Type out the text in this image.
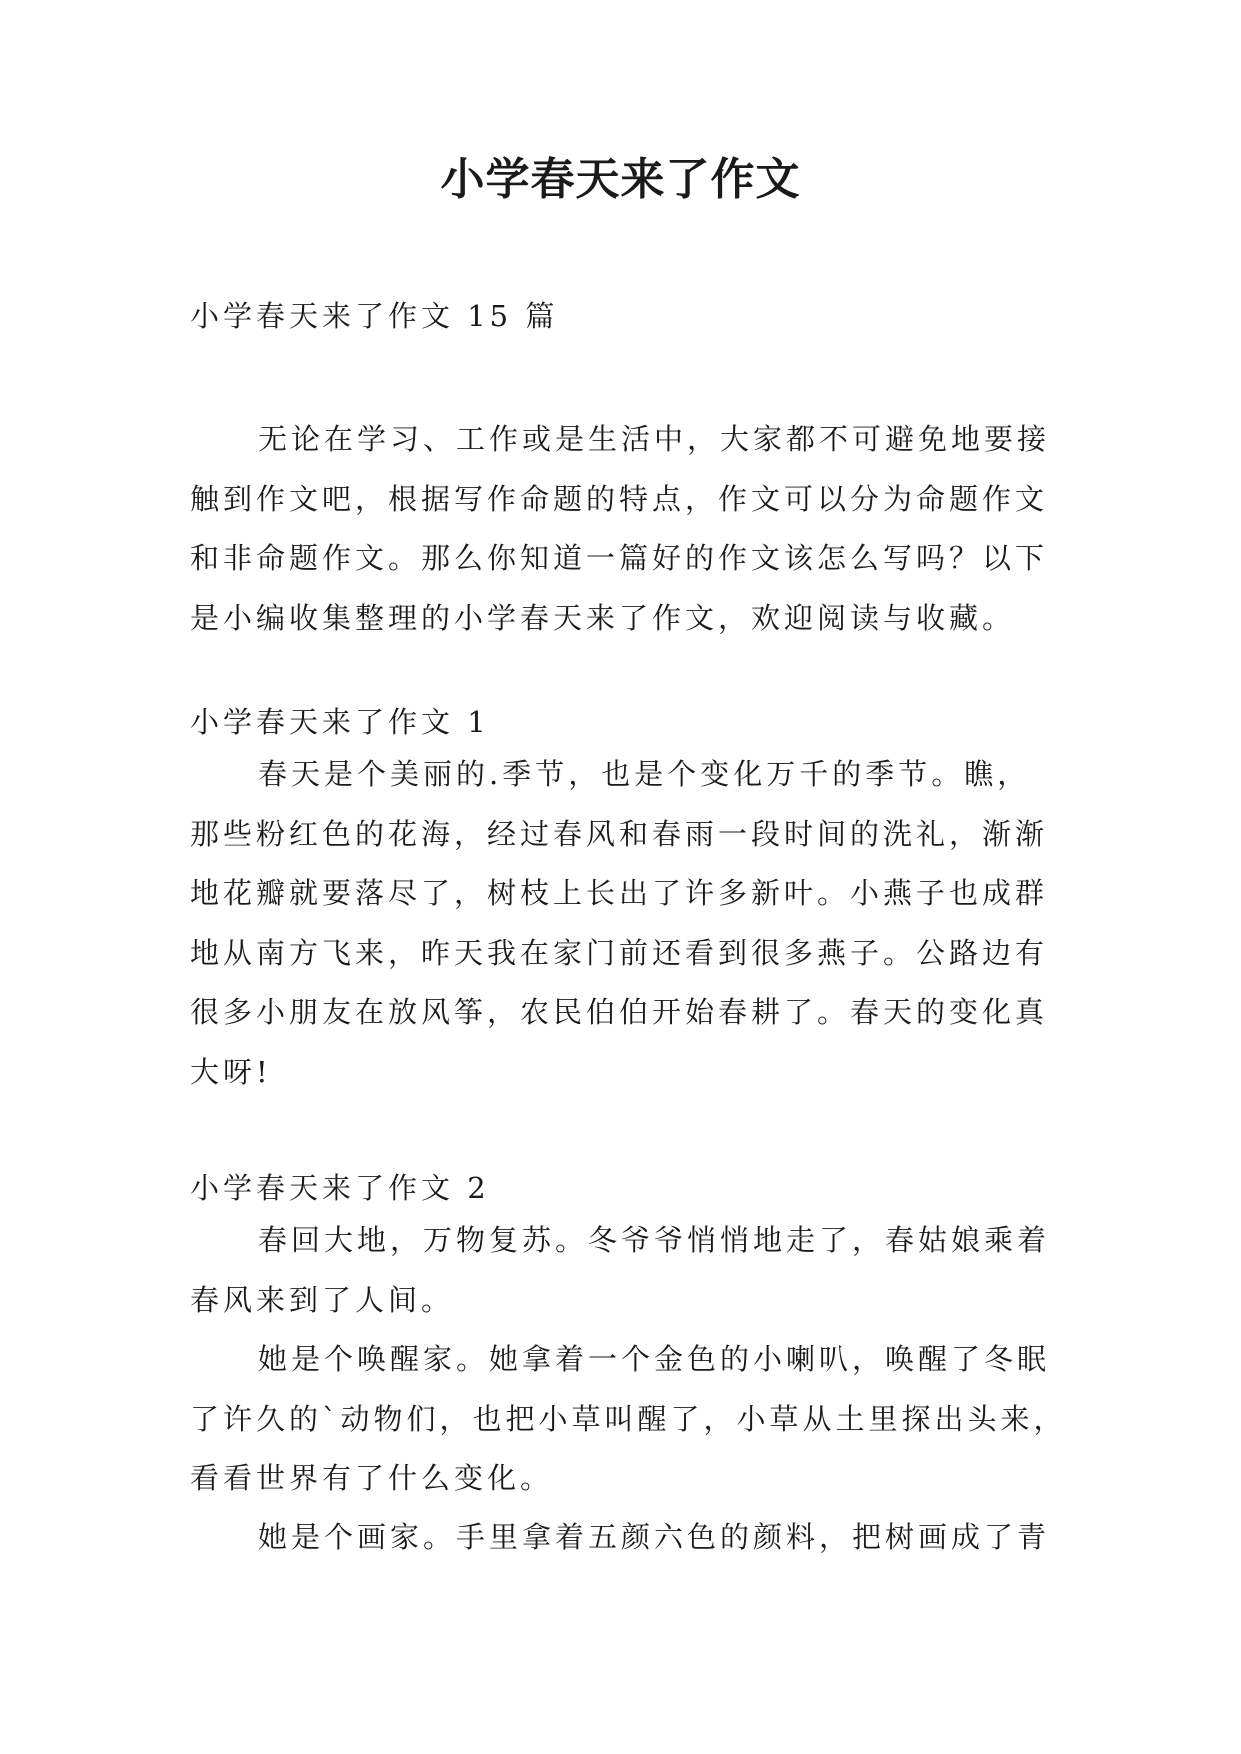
小学春天来了作文

小学春天来了作文 15 篇

无论在学习、工作或是生活中，大家都不可避免地要接
触到作文吧，根据写作命题的特点，作文可以分为命题作文
和非命题作文。那么你知道一篇好的作文该怎么写吗？以下
是小编收集整理的小学春天来了作文，欢迎阅读与收藏。

小学春天来了作文 1

春天是个美丽的.季节，也是个变化万千的季节。瞧，
那些粉红色的花海，经过春风和春雨一段时间的洗礼，渐渐
地花瓣就要落尽了，树枝上长出了许多新叶。小燕子也成群
地从南方飞来，昨天我在家门前还看到很多燕子。公路边有
很多小朋友在放风筝，农民伯伯开始春耕了。春天的变化真
大呀!

小学春天来了作文 2

春回大地，万物复苏。冬爷爷悄悄地走了，春姑娘乘着
春风来到了人间。
她是个唤醒家。她拿着一个金色的小喇叭，唤醒了冬眠
了许久的`动物们，也把小草叫醒了，小草从土里探出头来，
看看世界有了什么变化。
她是个画家。手里拿着五颜六色的颜料，把树画成了青
